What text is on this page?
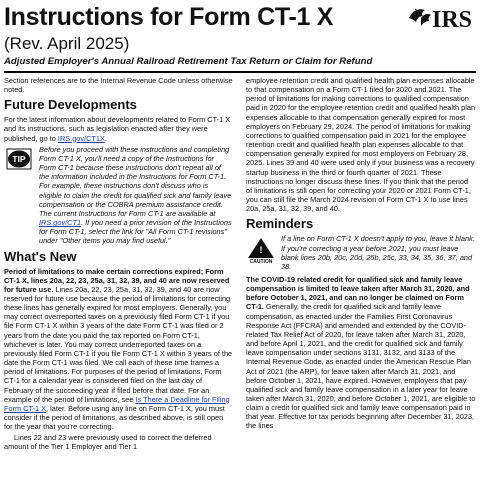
Instructions for Form CT-1 X
(Rev. April 2025)
Adjusted Employer's Annual Railroad Retirement Tax Return or Claim for Refund
IRS

Section references are to the Internal Revenue Code unless otherwise noted.

Future Developments

For the latest information about developments related to Form CT-1 X and its instructions, such as legislation enacted after they were published, go to IRS.gov/CT1X.

TIP
Before you proceed with these instructions and completing Form CT-1 X, you'll need a copy of the Instructions for Form CT-1 because these instructions don't repeat all of the information included in the Instructions for Form CT-1. For example, these instructions don't discuss who is eligible to claim the credit for qualified sick and family leave compensation or the COBRA premium assistance credit. The current Instructions for Form CT-1 are available at IRS.gov/CT1. If you need a prior revision of the Instructions for Form CT-1, select the link for "All Form CT-1 revisions" under "Other items you may find useful."
What's New

Period of limitations to make certain corrections expired; Form CT-1 X, lines 20a, 22, 23, 25a, 31, 32, 39, and 40 are now reserved for future use. Lines 20a, 22, 23, 25a, 31, 32, 39, and 40 are now reserved for future use because the period of limitations for correcting these lines has generally expired for most employers. Generally, you may correct overreported taxes on a previously filed Form CT-1 if you file Form CT-1 X within 3 years of the date Form CT-1 was filed or 2 years from the date you paid the tax reported on Form CT-1, whichever is later. You may correct underreported taxes on a previously filed Form CT-1 if you file Form CT-1 X within 3 years of the date the Form CT-1 was filed. We call each of these time frames a period of limitations. For purposes of the period of limitations, Form CT-1 for a calendar year is considered filed on the last day of February of the succeeding year if filed before that date. For an example of the period of limitations, see Is There a Deadline for Filing Form CT-1 X, later. Before using any line on Form CT-1 X, you must consider if the period of limitations, as described above, is still open for the year that you're correcting.

Lines 22 and 23 were previously used to correct the deferred amount of the Tier 1 Employer and Tier 1

employee retention credit and qualified health plan expenses allocable to that compensation on a Form CT-1 filed for 2020 and 2021. The period of limitations for making corrections to qualified compensation paid in 2020 for the employee retention credit and qualified health plan expenses allocable to that compensation generally expired for most employers on February 29, 2024. The period of limitations for making corrections to qualified compensation paid in 2021 for the employee retention credit and qualified health plan expenses allocable to that compensation generally expired for most employers on February 28, 2025. Lines 39 and 40 were used only if your business was a recovery startup business in the third or fourth quarter of 2021. These instructions no longer discuss these lines. If you think that the period of limitations is still open for correcting your 2020 or 2021 Form CT-1, you can still file the March 2024 revision of Form CT-1 X to use lines 20a, 25a, 31, 32, 39, and 40.

Reminders
!
CAUTION
If a line on Form CT-1 X doesn't apply to you, leave it blank. If you're correcting a year before 2021, you must leave blank lines 20b, 20c, 20d, 25b, 25c, 33, 34, 35, 36, 37, and 38.

The COVID-19 related credit for qualified sick and family leave compensation is limited to leave taken after March 31, 2020, and before October 1, 2021, and can no longer be claimed on Form CT-1. Generally, the credit for qualified sick and family leave compensation, as enacted under the Families First Coronavirus Response Act (FFCRA) and amended and extended by the COVID-related Tax Relief Act of 2020, for leave taken after March 31, 2020, and before April 1, 2021, and the credit for qualified sick and family leave compensation under sections 3131, 3132, and 3133 of the Internal Revenue Code, as enacted under the American Rescue Plan Act of 2021 (the ARP), for leave taken after March 31, 2021, and before October 1, 2021, have expired. However, employers that pay qualified sick and family leave compensation in a later year for leave taken after March 31, 2020, and before October 1, 2021, are eligible to claim a credit for qualified sick and family leave compensation paid in that year. Effective for tax periods beginning after December 31, 2023, the lines
